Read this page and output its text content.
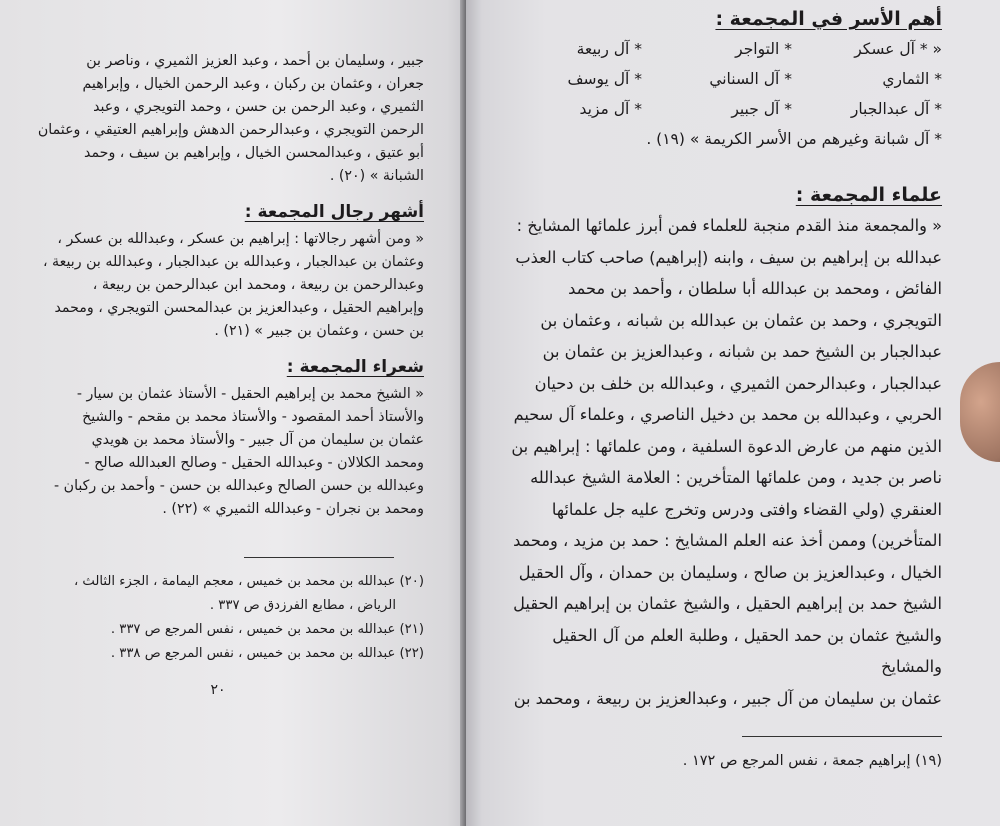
جبير ، وسليمان بن أحمد ، وعبد العزيز الثميري ، وناصر بن
جعران ، وعثمان بن ركبان ، وعبد الرحمن الخيال ، وإبراهيم
الثميري ، وعبد الرحمن بن حسن ، وحمد التويجري ، وعبد
الرحمن التويجري ، وعبدالرحمن الدهش وإبراهيم العتيقي ، وعثمان
أبو عتيق ، وعبدالمحسن الخيال ، وإبراهيم بن سيف ، وحمد
الشبانة » (٢٠) .
أشهر رجال المجمعة :
« ومن أشهر رجالاتها : إبراهيم بن عسكر ، وعبدالله بن عسكر ،
وعثمان بن عبدالجبار ، وعبدالله بن عبدالجبار ، وعبدالله بن ربيعة ،
وعبدالرحمن بن ربيعة ، ومحمد ابن عبدالرحمن بن ربيعة ،
وإبراهيم الحقيل ، وعبدالعزيز بن عبدالمحسن التويجري ، ومحمد
بن حسن ، وعثمان بن جبير » (٢١) .
شعراء المجمعة :
« الشيخ محمد بن إبراهيم الحقيل - الأستاذ عثمان بن سيار -
والأستاذ أحمد المقصود - والأستاذ محمد بن مقحم - والشيخ
عثمان بن سليمان من آل جبير - والأستاذ محمد بن هويدي
ومحمد الكلالان - وعبدالله الحقيل - وصالح العبدالله صالح -
وعبدالله بن حسن الصالح وعبدالله بن حسن - وأحمد بن ركبان -
ومحمد بن نجران - وعبدالله الثميري » (٢٢) .
(٢٠) عبدالله بن محمد بن خميس ، معجم اليمامة ، الجزء الثالث ،
الرياض ، مطابع الفرزدق ص ٣٣٧ .
(٢١) عبدالله بن محمد بن خميس ، نفس المرجع ص ٣٣٧ .
(٢٢) عبدالله بن محمد بن خميس ، نفس المرجع ص ٣٣٨ .
٢٠
أهم الأسر في المجمعة :
« * آل عسكر
* التواجر
* آل ربيعة
* الثماري
* آل السناني
* آل يوسف
* آل عبدالجبار
* آل جبير
* آل مزيد
* آل شبانة وغيرهم من الأسر الكريمة » (١٩) .
علماء المجمعة :
« والمجمعة منذ القدم منجبة للعلماء فمن أبرز علمائها المشايخ :
عبدالله بن إبراهيم بن سيف ، وابنه (إبراهيم) صاحب كتاب العذب
الفائض ، ومحمد بن عبدالله أبا سلطان ، وأحمد بن محمد
التويجري ، وحمد بن عثمان بن عبدالله بن شبانه ، وعثمان بن
عبدالجبار بن الشيخ حمد بن شبانه ، وعبدالعزيز بن عثمان بن
عبدالجبار ، وعبدالرحمن الثميري ، وعبدالله بن خلف بن دحيان
الحربي ، وعبدالله بن محمد بن دخيل الناصري ، وعلماء آل سحيم
الذين منهم من عارض الدعوة السلفية ، ومن علمائها : إبراهيم بن
ناصر بن جديد ، ومن علمائها المتأخرين : العلامة الشيخ عبدالله
العنقري (ولي القضاء وافتى ودرس وتخرج عليه جل علمائها
المتأخرين) وممن أخذ عنه العلم المشايخ : حمد بن مزيد ، ومحمد
الخيال ، وعبدالعزيز بن صالح ، وسليمان بن حمدان ، وآل الحقيل
الشيخ حمد بن إبراهيم الحقيل ، والشيخ عثمان بن إبراهيم الحقيل
والشيخ عثمان بن حمد الحقيل ، وطلبة العلم من آل الحقيل والمشايخ
عثمان بن سليمان من آل جبير ، وعبدالعزيز بن ربيعة ، ومحمد بن
(١٩) إبراهيم جمعة ، نفس المرجع ص ١٧٢ .
